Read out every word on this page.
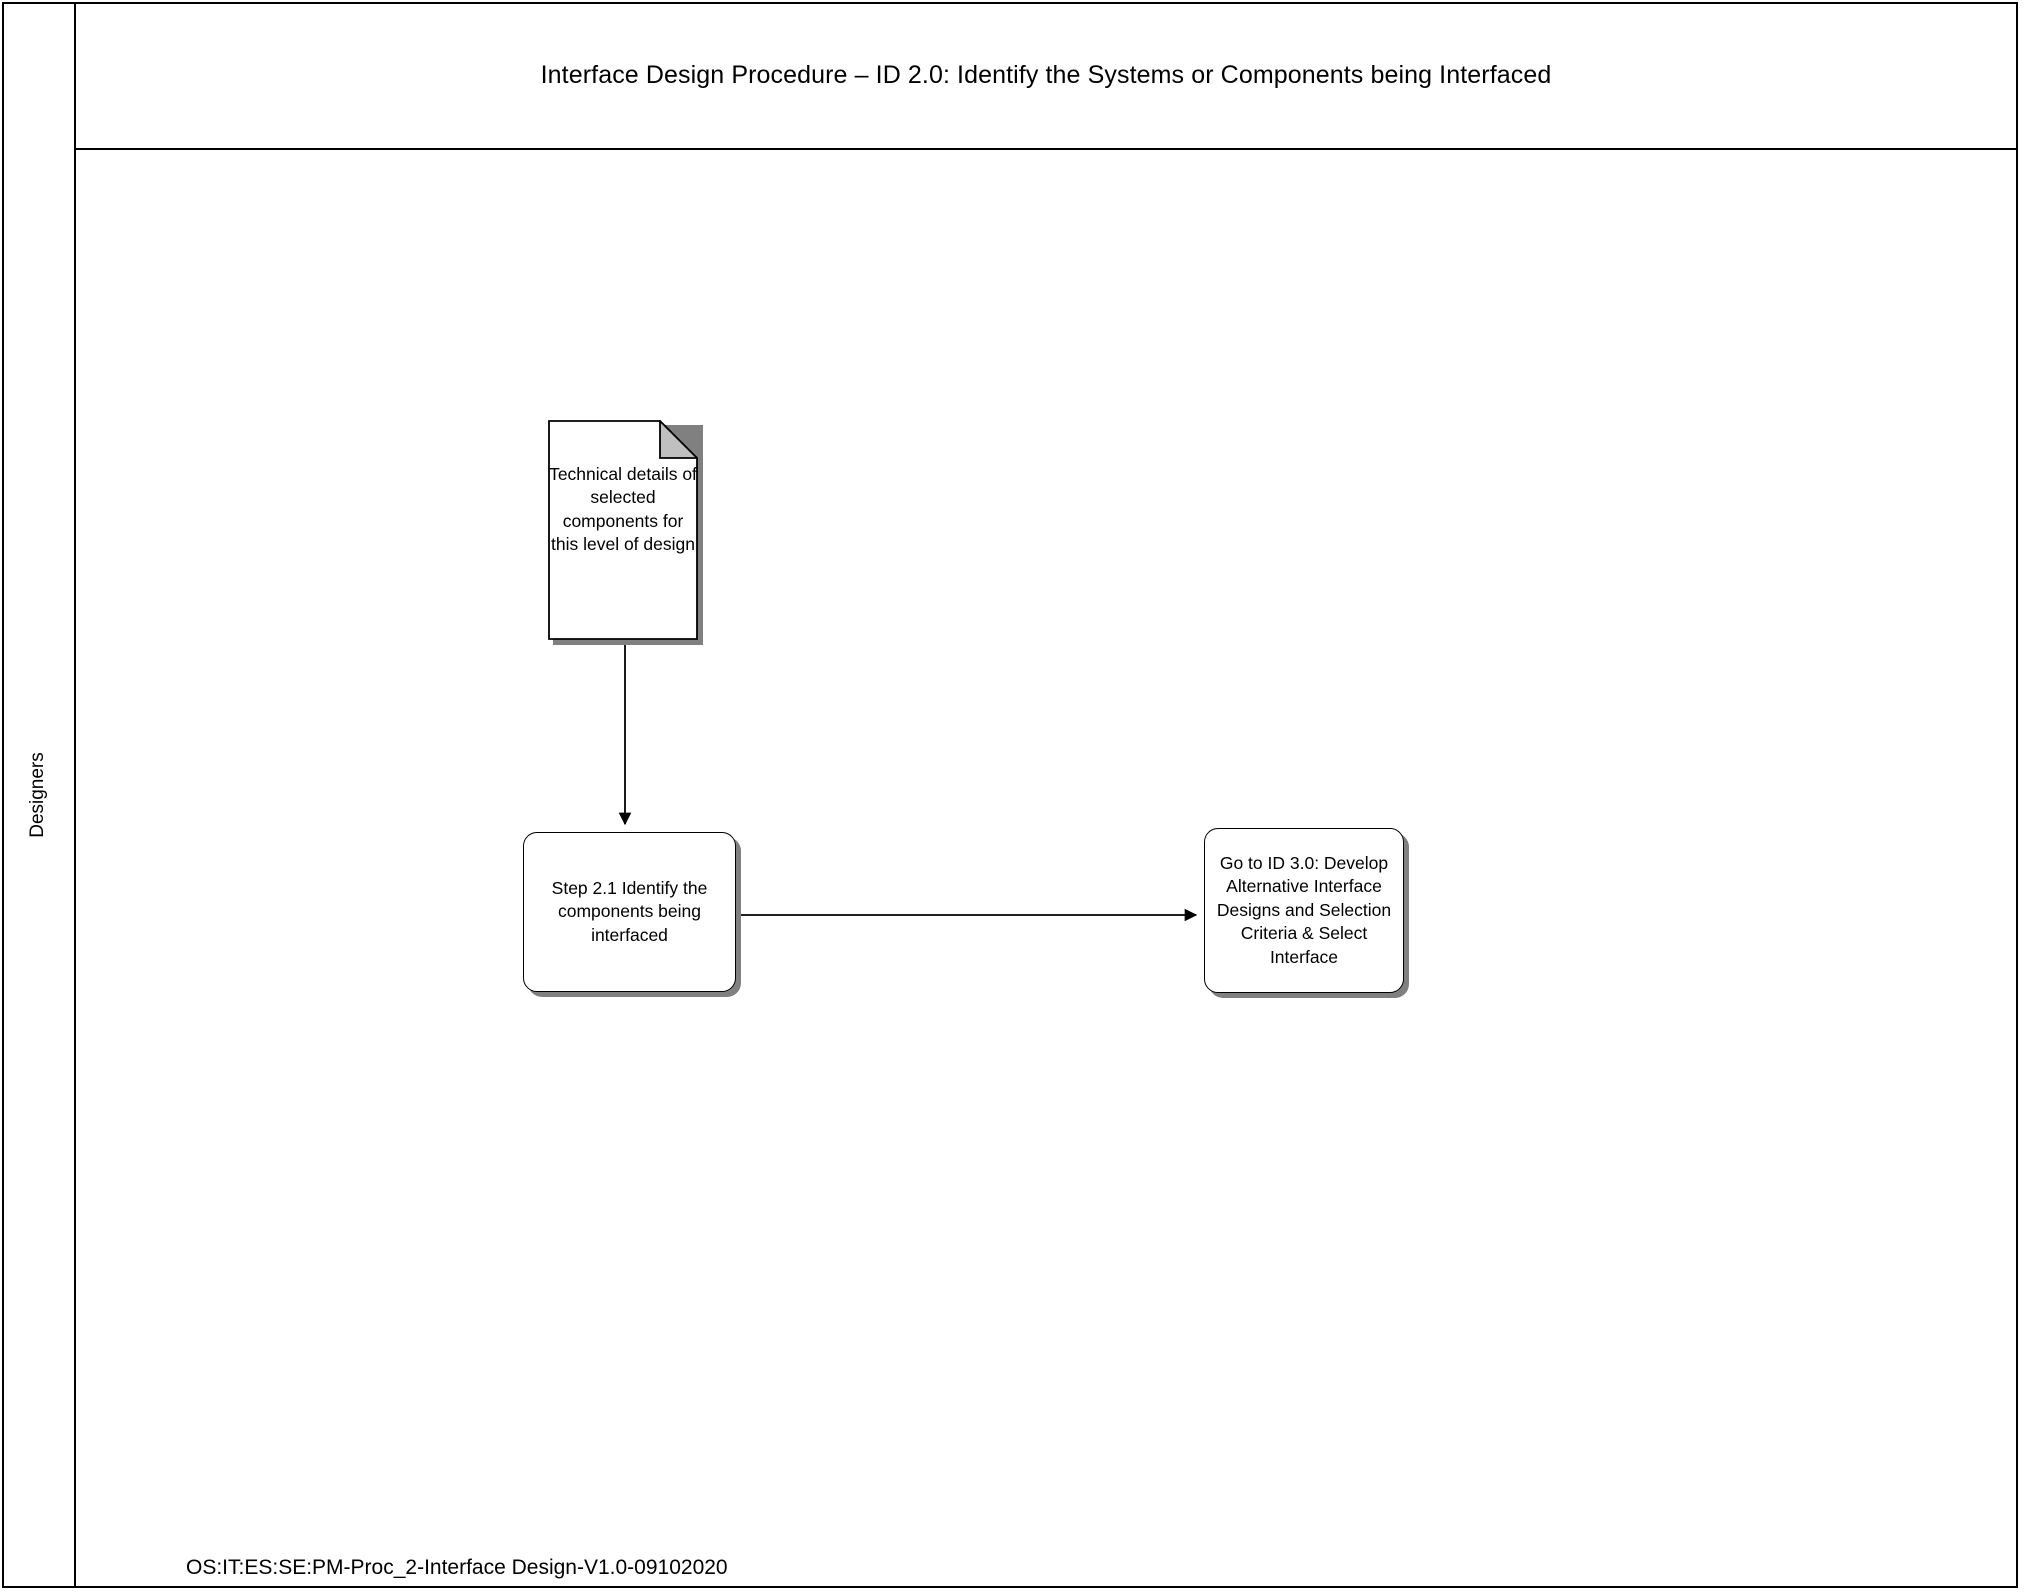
Designers
Interface Design Procedure – ID 2.0: Identify the Systems or Components being Interfaced
Technical details of selected components for this level of design
Step 2.1 Identify the components being interfaced
Go to ID 3.0: Develop Alternative Interface Designs and Selection Criteria & Select Interface
OS:IT:ES:SE:PM-Proc_2-Interface Design-V1.0-09102020
